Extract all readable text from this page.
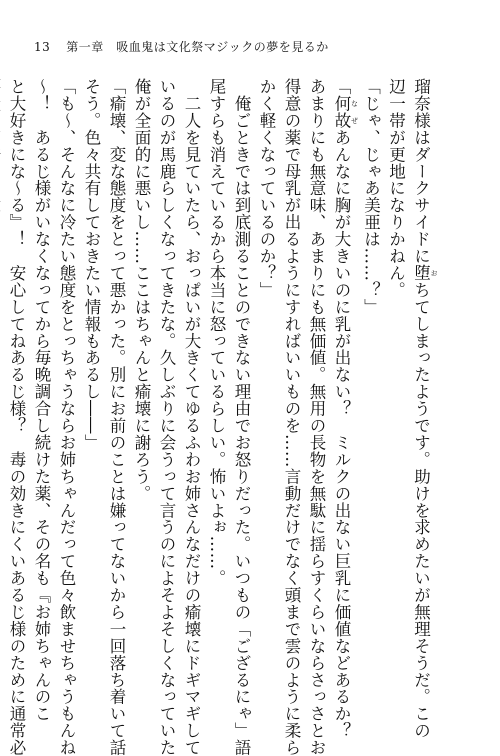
13 第一章　吸血鬼は文化祭マジックの夢を見るか
瑠奈様はダークサイドに堕 おちてしまったようです。助けを求めたいが無理そうだ。この
辺一帯が更地になりかねん。
「じゃ、じゃあ美亜は……？」
「何故 なぜあんなに胸が大きいのに乳が出ない？　ミルクの出ない巨乳に価値などあるか？
あまりにも無意味、あまりにも無価値。無用の長物を無駄に揺らすくらいならさっさとお
得意の薬で母乳が出るようにすればいいものを……言動だけでなく頭まで雲のように柔ら
かく軽くなっているのか？」
　俺ごときでは到底測ることのできない理由でお怒りだった。いつもの「ござるにゃ」語
尾すらも消えているから本当に怒っているらしい。怖いよぉ……。
　二人を見ていたら、おっぱいが大きくてゆるふわお姉さんなだけの瘉壊にドギマギして
いるのが馬鹿らしくなってきたな。久しぶりに会うって言うのによそよそしくなっていた
俺が全面的に悪いし……ここはちゃんと瘉壊に謝ろう。
「瘉壊、変な態度をとって悪かった。別にお前のことは嫌ってないから一回落ち着いて話
そう。色々共有しておきたい情報もあるし――」
「も～、そんなに冷たい態度をとっちゃうならお姉ちゃんだって色々飲ませちゃうもんね
～！　あるじ様がいなくなってから毎晩調合し続けた薬、その名も『お姉ちゃんのこ
と大好きにな～る』！　安心してねあるじ様？　毒の効きにくいあるじ様のために通常必
